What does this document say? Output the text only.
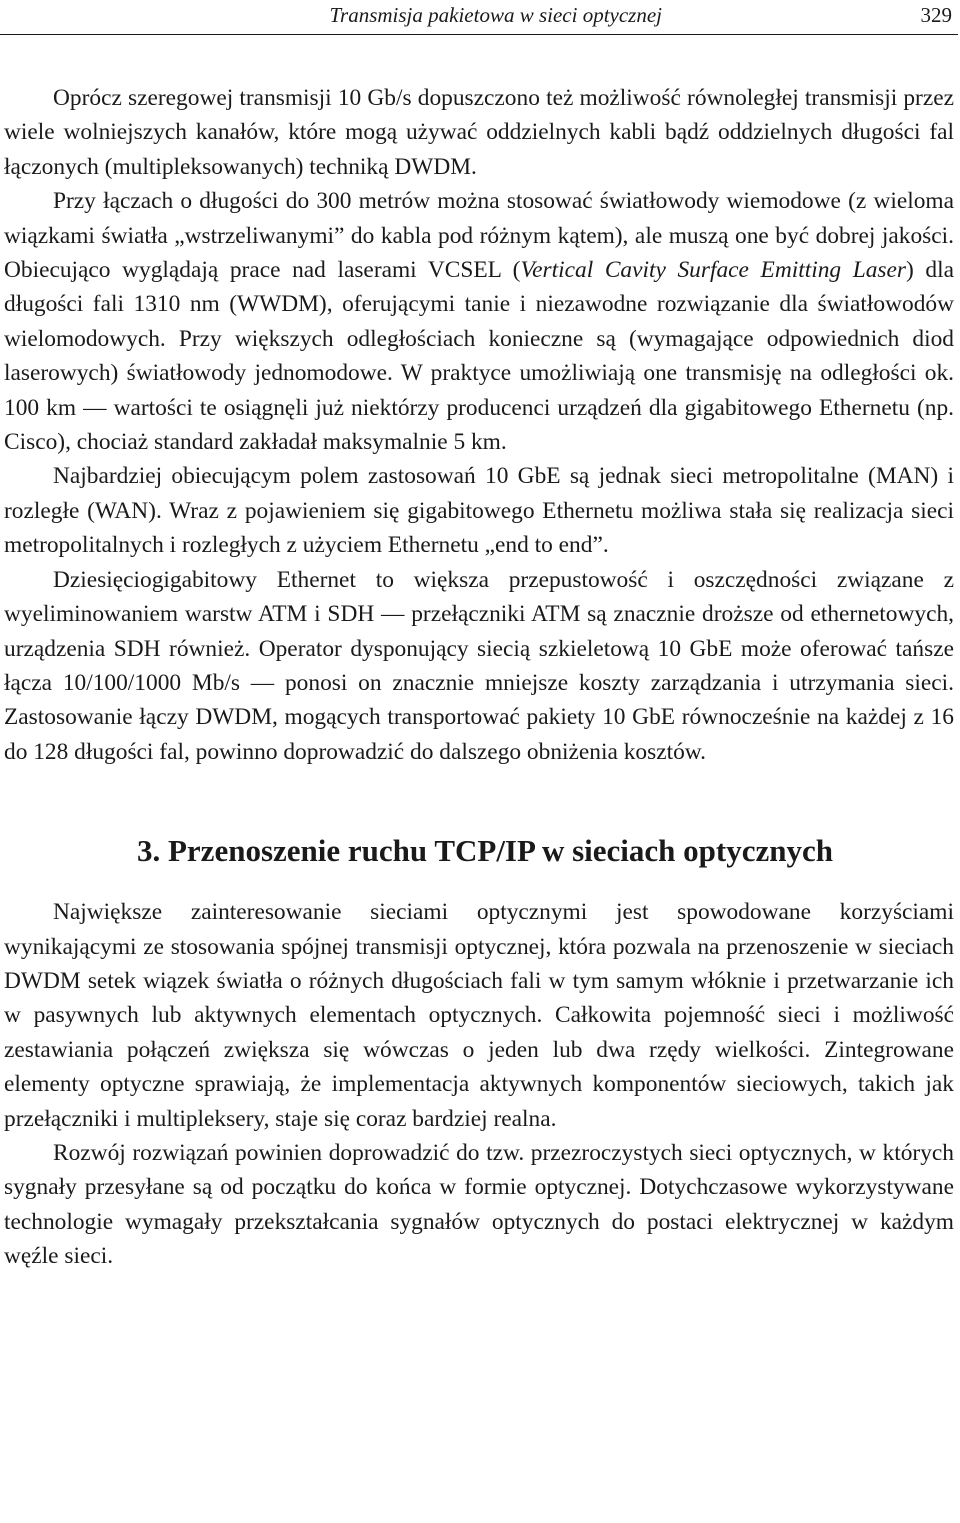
Transmisja pakietowa w sieci optycznej	329

Oprócz szeregowej transmisji 10 Gb/s dopuszczono też możliwość równoległej transmisji przez wiele wolniejszych kanałów, które mogą używać oddzielnych kabli bądź oddzielnych długości fal łączonych (multipleksowanych) techniką DWDM.

Przy łączach o długości do 300 metrów można stosować światłowody wiemodowe (z wieloma wiązkami światła „wstrzeliwanymi” do kabla pod różnym kątem), ale muszą one być dobrej jakości. Obiecująco wyglądają prace nad laserami VCSEL (Vertical Cavity Surface Emitting Laser) dla długości fali 1310 nm (WWDM), oferującymi tanie i niezawodne rozwiązanie dla światłowodów wielomodowych. Przy większych odległościach konieczne są (wymagające odpowiednich diod laserowych) światłowody jednomodowe. W praktyce umożliwiają one transmisję na odległości ok. 100 km — wartości te osiągnęli już niektórzy producenci urządzeń dla gigabitowego Ethernetu (np. Cisco), chociaż standard zakładał maksymalnie 5 km.

Najbardziej obiecującym polem zastosowań 10 GbE są jednak sieci metropolitalne (MAN) i rozległe (WAN). Wraz z pojawieniem się gigabitowego Ethernetu możliwa stała się realizacja sieci metropolitalnych i rozległych z użyciem Ethernetu „end to end”.

Dziesięciogigabitowy Ethernet to większa przepustowość i oszczędności związane z wyeliminowaniem warstw ATM i SDH — przełączniki ATM są znacznie droższe od ethernetowych, urządzenia SDH również. Operator dysponujący siecią szkieletową 10 GbE może oferować tańsze łącza 10/100/1000 Mb/s — ponosi on znacznie mniejsze koszty zarządzania i utrzymania sieci. Zastosowanie łączy DWDM, mogących transportować pakiety 10 GbE równocześnie na każdej z 16 do 128 długości fal, powinno doprowadzić do dalszego obniżenia kosztów.

3. Przenoszenie ruchu TCP/IP w sieciach optycznych

Największe zainteresowanie sieciami optycznymi jest spowodowane korzyściami wynikającymi ze stosowania spójnej transmisji optycznej, która pozwala na przenoszenie w sieciach DWDM setek wiązek światła o różnych długościach fali w tym samym włóknie i przetwarzanie ich w pasywnych lub aktywnych elementach optycznych. Całkowita pojemność sieci i możliwość zestawiania połączeń zwiększa się wówczas o jeden lub dwa rzędy wielkości. Zintegrowane elementy optyczne sprawiają, że implementacja aktywnych komponentów sieciowych, takich jak przełączniki i multipleksery, staje się coraz bardziej realna.

Rozwój rozwiązań powinien doprowadzić do tzw. przezroczystych sieci optycznych, w których sygnały przesyłane są od początku do końca w formie optycznej. Dotychczasowe wykorzystywane technologie wymagały przekształcania sygnałów optycznych do postaci elektrycznej w każdym węźle sieci.
